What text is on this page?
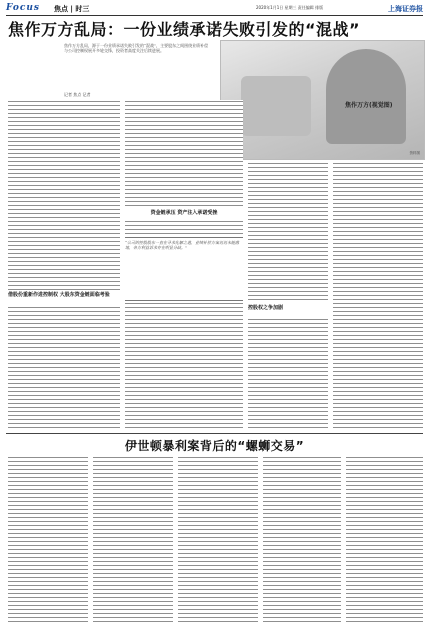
Focus 焦点 | 时三	2020年1月1日 星期三 责任编辑 排版	上海证券报
焦作万方乱局：一份业绩承诺失败引发的“混战”
焦作万方乱局，源于一份业绩承诺失败引发的“混战”，主要股东之间围绕业绩补偿与公司控制权展开多轮交锋，投资者高度关注后续进展。
记者 焦点 记者
资料图
焦作万方(视觉图)
借股份重新作进控制权 大股东资金链面临考验
资金链承压 资产注入承诺受挫
“公司的控股股东一直在寻求化解之道，业绩补偿方案迟迟未能落地，各方利益诉求存在明显分歧。”
控股权之争加剧
伊世顿暴利案背后的“螺蛳交易”
